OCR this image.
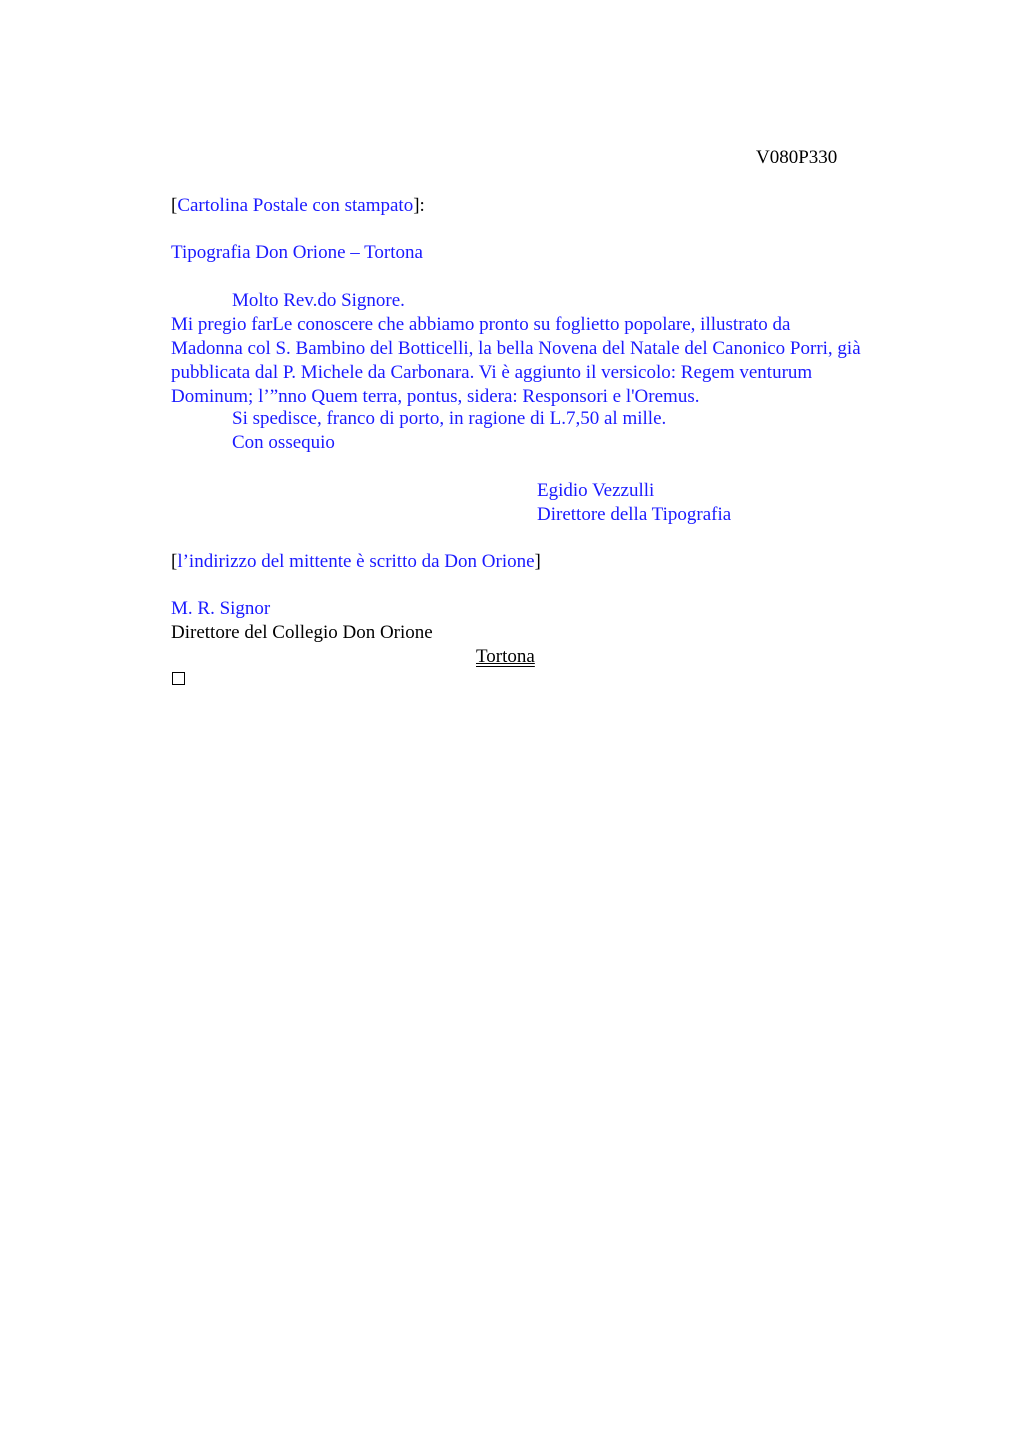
V080P330
[Cartolina Postale con stampato]:
Tipografia Don Orione – Tortona
Molto Rev.do Signore.
Mi pregio farLe conoscere che abbiamo pronto su foglietto popolare, illustrato da
Madonna col S. Bambino del Botticelli, la bella Novena del Natale del Canonico Porri, già
pubblicata dal P. Michele da Carbonara. Vi è aggiunto il versicolo: Regem venturum
Dominum; l’”nno Quem terra, pontus, sidera: Responsori e l'Oremus.
Si spedisce, franco di porto, in ragione di L.7,50 al mille.
Con ossequio
Egidio Vezzulli
Direttore della Tipografia
[l’indirizzo del mittente è scritto da Don Orione]
M. R. Signor
Direttore del Collegio Don Orione
Tortona
